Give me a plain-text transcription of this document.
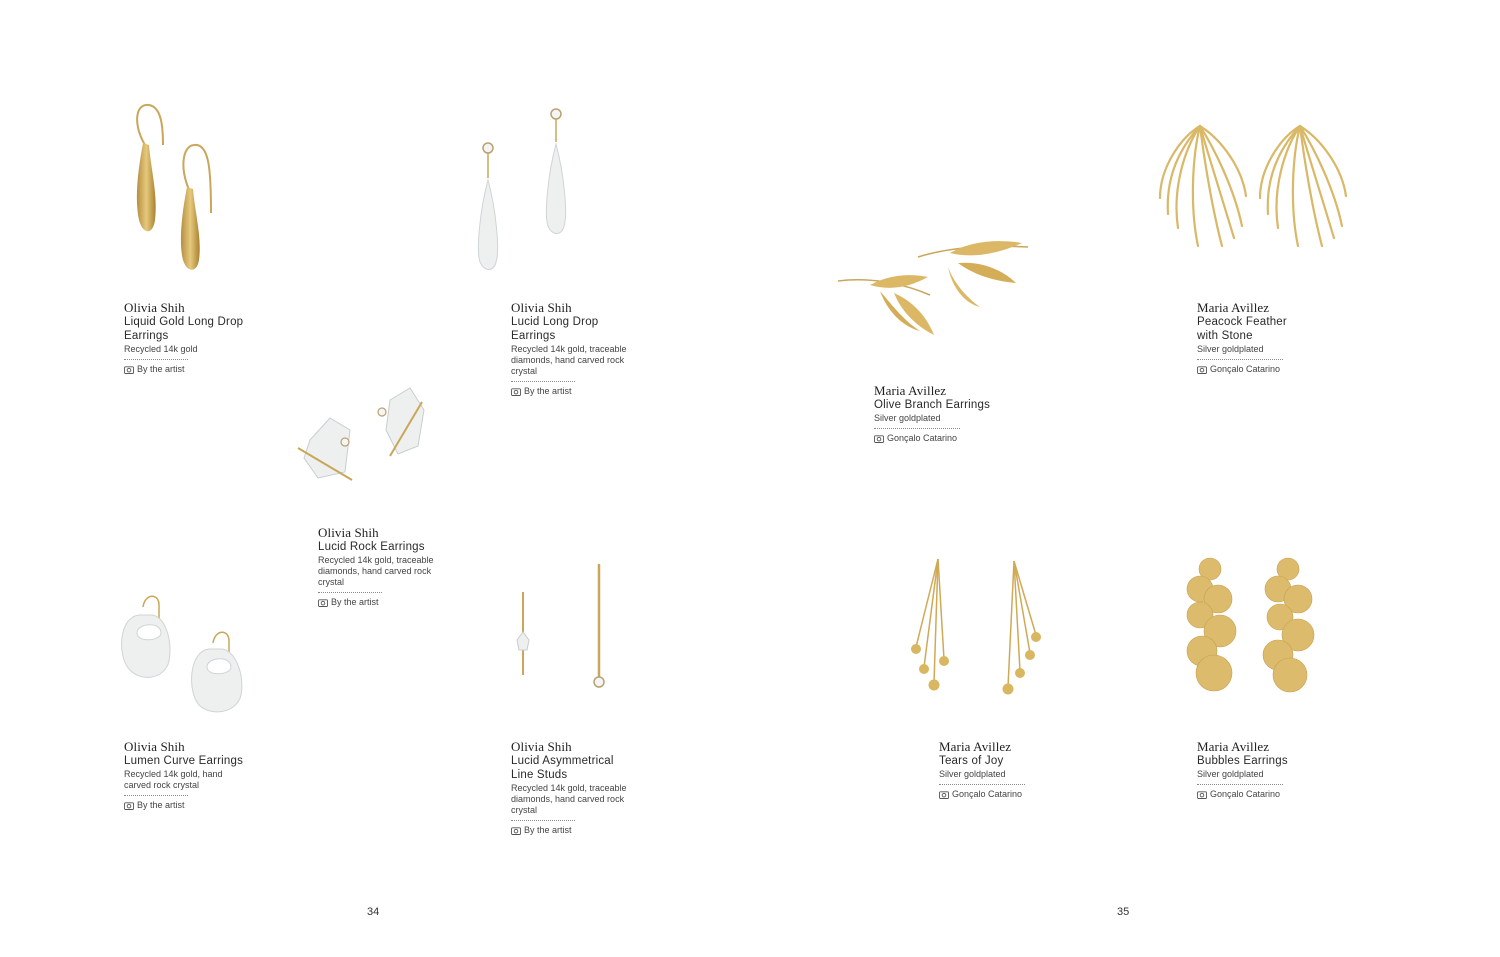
Olivia Shih
Liquid Gold Long Drop Earrings
Recycled 14k gold
By the artist
Olivia Shih
Lucid Long Drop Earrings
Recycled 14k gold, traceable diamonds, hand carved rock crystal
By the artist
Olivia Shih
Lucid Rock Earrings
Recycled 14k gold, traceable diamonds, hand carved rock crystal
By the artist
Olivia Shih
Lumen Curve Earrings
Recycled 14k gold, hand carved rock crystal
By the artist
Olivia Shih
Lucid Asymmetrical Line Studs
Recycled 14k gold, traceable diamonds, hand carved rock crystal
By the artist
Maria Avillez
Olive Branch Earrings
Silver goldplated
Gonçalo Catarino
Maria Avillez
Peacock Feather with Stone
Silver goldplated
Gonçalo Catarino
Maria Avillez
Tears of Joy
Silver goldplated
Gonçalo Catarino
Maria Avillez
Bubbles Earrings
Silver goldplated
Gonçalo Catarino
34	35
